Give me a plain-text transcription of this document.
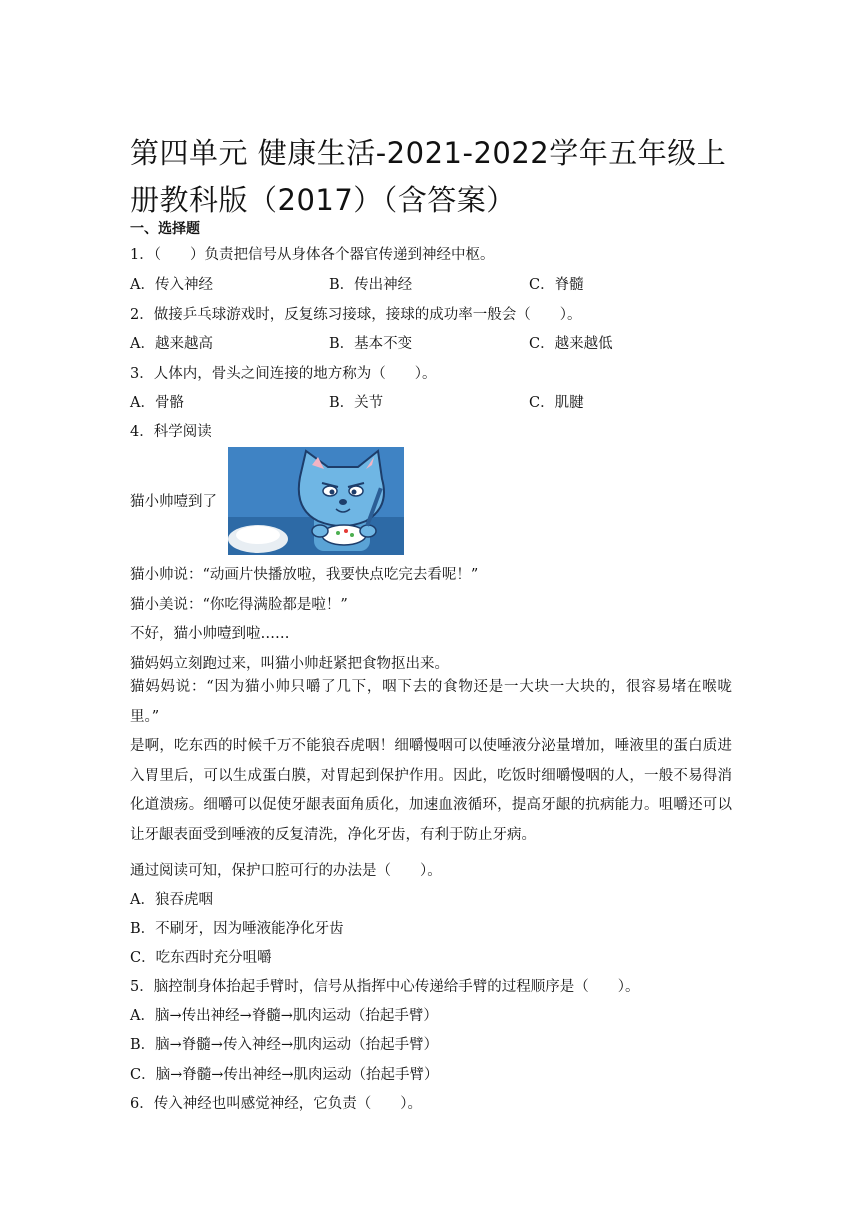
第四单元 健康生活-2021-2022学年五年级上册教科版（2017）（含答案）
一、选择题
1．（　　）负责把信号从身体各个器官传递到神经中枢。
A．传入神经	B．传出神经	C．脊髓
2．做接乒乓球游戏时，反复练习接球，接球的成功率一般会（　　）。
A．越来越高	B．基本不变	C．越来越低
3．人体内，骨头之间连接的地方称为（　　）。
A．骨骼	B．关节	C．肌腱
4．科学阅读
猫小帅噎到了
猫小帅说：“动画片快播放啦，我要快点吃完去看呢！”
猫小美说：“你吃得满脸都是啦！”
不好，猫小帅噎到啦……
猫妈妈立刻跑过来，叫猫小帅赶紧把食物抠出来。
猫妈妈说：“因为猫小帅只嚼了几下，咽下去的食物还是一大块一大块的，很容易堵在喉咙里。”
是啊，吃东西的时候千万不能狼吞虎咽！细嚼慢咽可以使唾液分泌量增加，唾液里的蛋白质进入胃里后，可以生成蛋白膜，对胃起到保护作用。因此，吃饭时细嚼慢咽的人，一般不易得消化道溃疡。细嚼可以促使牙龈表面角质化，加速血液循环，提高牙龈的抗病能力。咀嚼还可以让牙龈表面受到唾液的反复清洗，净化牙齿，有利于防止牙病。
通过阅读可知，保护口腔可行的办法是（　　）。
A．狼吞虎咽
B．不刷牙，因为唾液能净化牙齿
C．吃东西时充分咀嚼
5．脑控制身体抬起手臂时，信号从指挥中心传递给手臂的过程顺序是（　　）。
A．脑→传出神经→脊髓→肌肉运动（抬起手臂）
B．脑→脊髓→传入神经→肌肉运动（抬起手臂）
C．脑→脊髓→传出神经→肌肉运动（抬起手臂）
6．传入神经也叫感觉神经，它负责（　　）。
